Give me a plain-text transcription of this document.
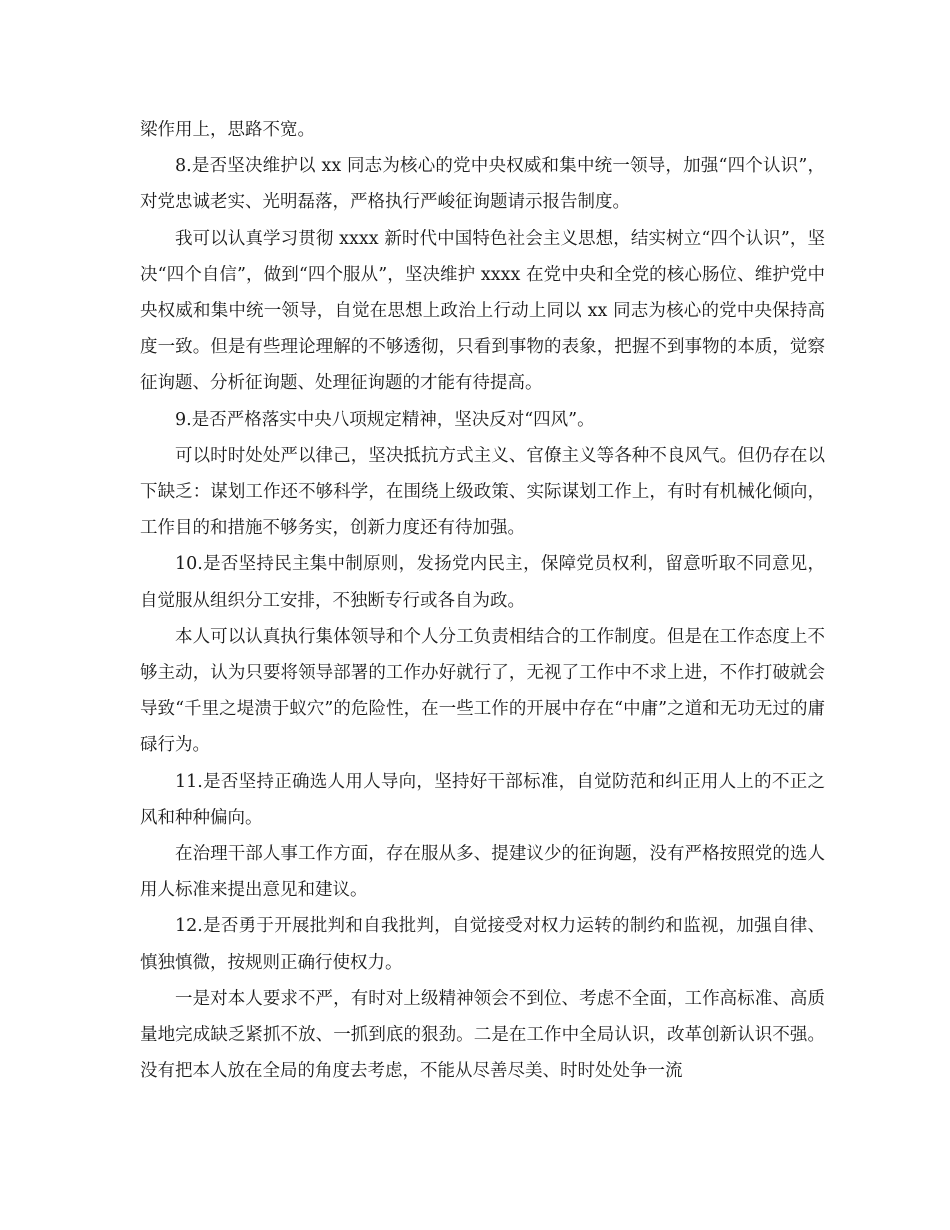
梁作用上，思路不宽。

8.是否坚决维护以 xx 同志为核心的党中央权威和集中统一领导，加强“四个认识”，对党忠诚老实、光明磊落，严格执行严峻征询题请示报告制度。

我可以认真学习贯彻 xxxx 新时代中国特色社会主义思想，结实树立“四个认识”，坚决“四个自信”，做到“四个服从”，坚决维护 xxxx 在党中央和全党的核心肠位、维护党中央权威和集中统一领导，自觉在思想上政治上行动上同以 xx 同志为核心的党中央保持高度一致。但是有些理论理解的不够透彻，只看到事物的表象，把握不到事物的本质，觉察征询题、分析征询题、处理征询题的才能有待提高。

9.是否严格落实中央八项规定精神，坚决反对“四风”。

可以时时处处严以律己，坚决抵抗方式主义、官僚主义等各种不良风气。但仍存在以下缺乏：谋划工作还不够科学，在围绕上级政策、实际谋划工作上，有时有机械化倾向，工作目的和措施不够务实，创新力度还有待加强。

10.是否坚持民主集中制原则，发扬党内民主，保障党员权利，留意听取不同意见，自觉服从组织分工安排，不独断专行或各自为政。

本人可以认真执行集体领导和个人分工负责相结合的工作制度。但是在工作态度上不够主动，认为只要将领导部署的工作办好就行了，无视了工作中不求上进，不作打破就会导致“千里之堤溃于蚁穴”的危险性，在一些工作的开展中存在“中庸”之道和无功无过的庸碌行为。

11.是否坚持正确选人用人导向，坚持好干部标准，自觉防范和纠正用人上的不正之风和种种偏向。

在治理干部人事工作方面，存在服从多、提建议少的征询题，没有严格按照党的选人用人标准来提出意见和建议。

12.是否勇于开展批判和自我批判，自觉接受对权力运转的制约和监视，加强自律、慎独慎微，按规则正确行使权力。

一是对本人要求不严，有时对上级精神领会不到位、考虑不全面，工作高标准、高质量地完成缺乏紧抓不放、一抓到底的狠劲。二是在工作中全局认识，改革创新认识不强。没有把本人放在全局的角度去考虑，不能从尽善尽美、时时处处争一流
